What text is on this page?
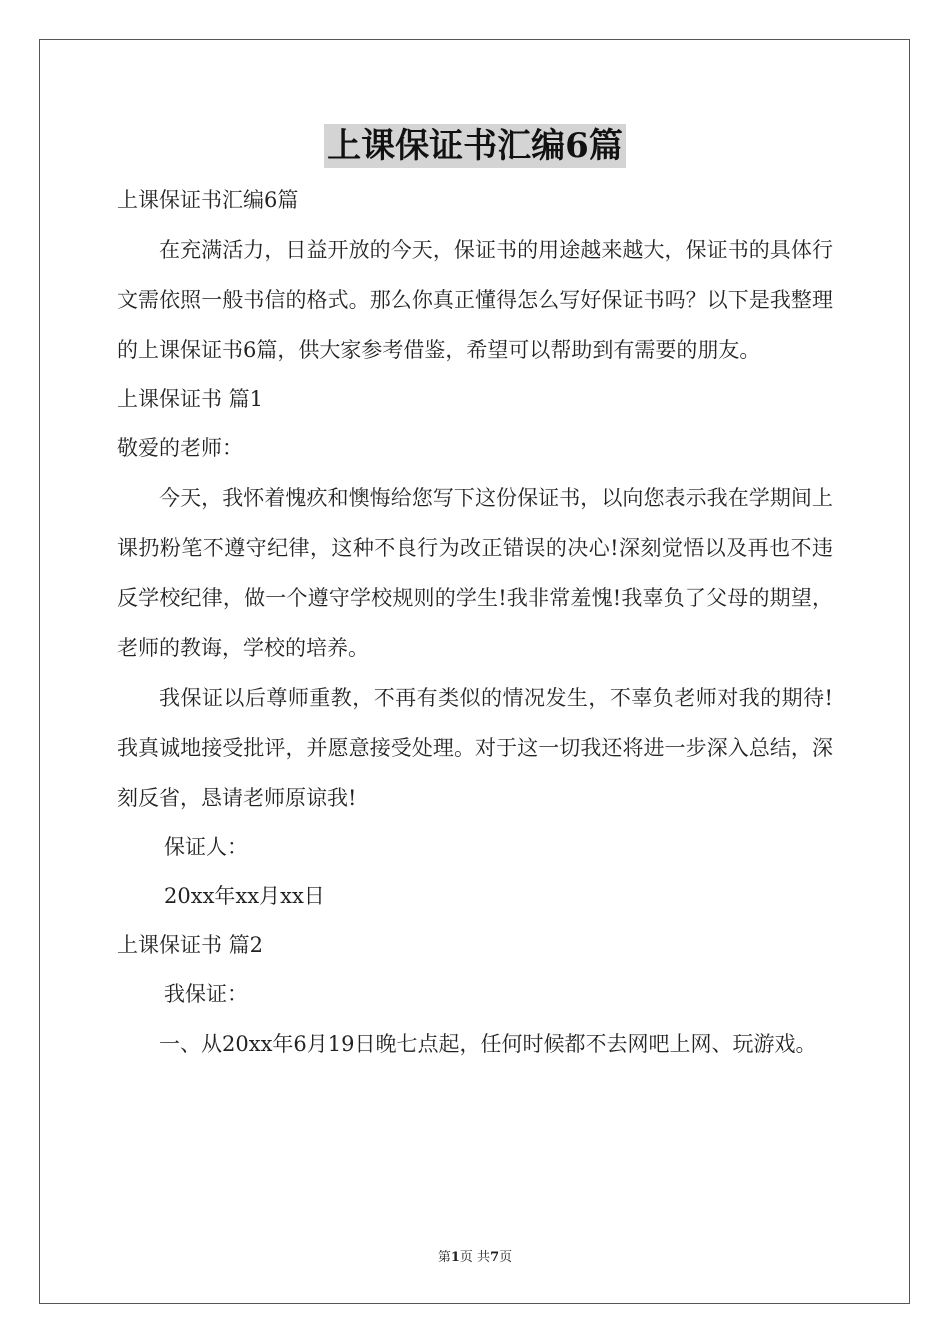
上课保证书汇编6篇
上课保证书汇编6篇

在充满活力，日益开放的今天，保证书的用途越来越大，保证书的具体行文需依照一般书信的格式。那么你真正懂得怎么写好保证书吗？以下是我整理的上课保证书6篇，供大家参考借鉴，希望可以帮助到有需要的朋友。

上课保证书 篇1
敬爱的老师：

今天，我怀着愧疚和懊悔给您写下这份保证书，以向您表示我在学期间上课扔粉笔不遵守纪律，这种不良行为改正错误的决心!深刻觉悟以及再也不违反学校纪律，做一个遵守学校规则的学生!我非常羞愧!我辜负了父母的期望，老师的教诲，学校的培养。

我保证以后尊师重教，不再有类似的情况发生，不辜负老师对我的期待!我真诚地接受批评，并愿意接受处理。对于这一切我还将进一步深入总结，深刻反省，恳请老师原谅我!

保证人：
20xx年xx月xx日
上课保证书 篇2
我保证：

一、从20xx年6月19日晚七点起，任何时候都不去网吧上网、玩游戏。

第1页 共7页
